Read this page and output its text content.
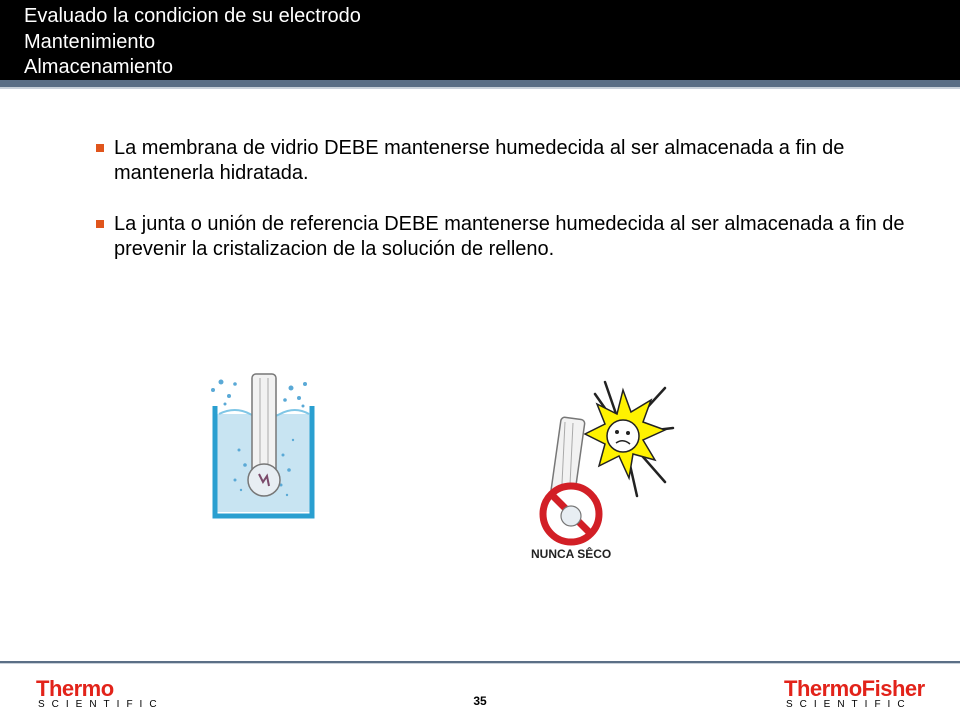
Evaluado la condicion de su electrodo
Mantenimiento
Almacenamiento
La membrana de vidrio DEBE mantenerse humedecida al ser almacenada a fin de mantenerla hidratada.
La junta o unión de referencia DEBE mantenerse humedecida al ser almacenada a fin de prevenir la cristalizacion de la solución de relleno.
NUNCA SÊCO
Thermo
SCIENTIFIC	35	ThermoFisher
SCIENTIFIC
